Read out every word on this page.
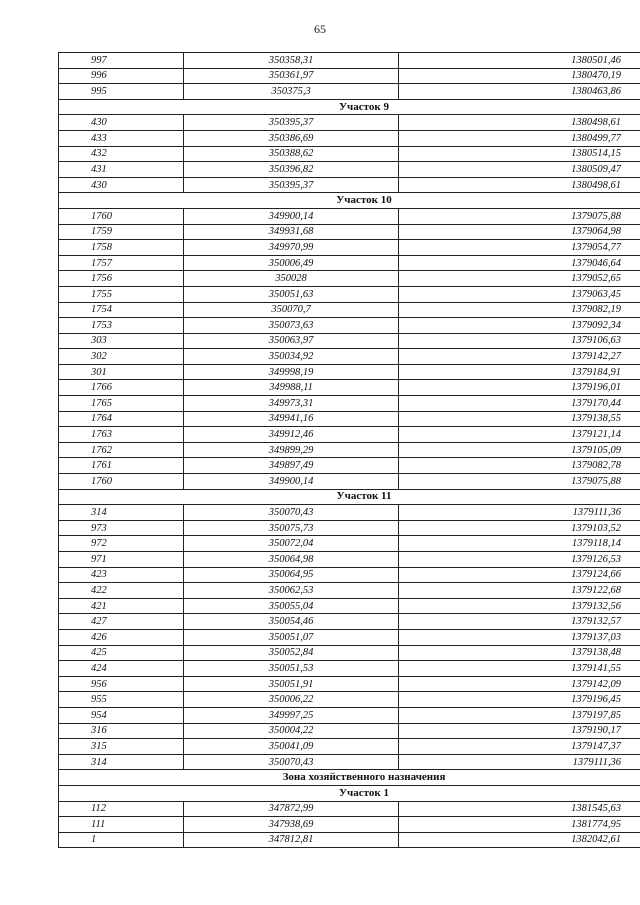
65
997	350358,31	1380501,46
996	350361,97	1380470,19
995	350375,3	1380463,86
Участок 9		
430	350395,37	1380498,61
433	350386,69	1380499,77
432	350388,62	1380514,15
431	350396,82	1380509,47
430	350395,37	1380498,61
Участок 10		
1760	349900,14	1379075,88
1759	349931,68	1379064,98
1758	349970,99	1379054,77
1757	350006,49	1379046,64
1756	350028	1379052,65
1755	350051,63	1379063,45
1754	350070,7	1379082,19
1753	350073,63	1379092,34
303	350063,97	1379106,63
302	350034,92	1379142,27
301	349998,19	1379184,91
1766	349988,11	1379196,01
1765	349973,31	1379170,44
1764	349941,16	1379138,55
1763	349912,46	1379121,14
1762	349899,29	1379105,09
1761	349897,49	1379082,78
1760	349900,14	1379075,88
Участок 11		
314	350070,43	1379111,36
973	350075,73	1379103,52
972	350072,04	1379118,14
971	350064,98	1379126,53
423	350064,95	1379124,66
422	350062,53	1379122,68
421	350055,04	1379132,56
427	350054,46	1379132,57
426	350051,07	1379137,03
425	350052,84	1379138,48
424	350051,53	1379141,55
956	350051,91	1379142,09
955	350006,22	1379196,45
954	349997,25	1379197,85
316	350004,22	1379190,17
315	350041,09	1379147,37
314	350070,43	1379111,36
Зона хозяйственного назначения		
Участок 1		
112	347872,99	1381545,63
111	347938,69	1381774,95
1	347812,81	1382042,61
